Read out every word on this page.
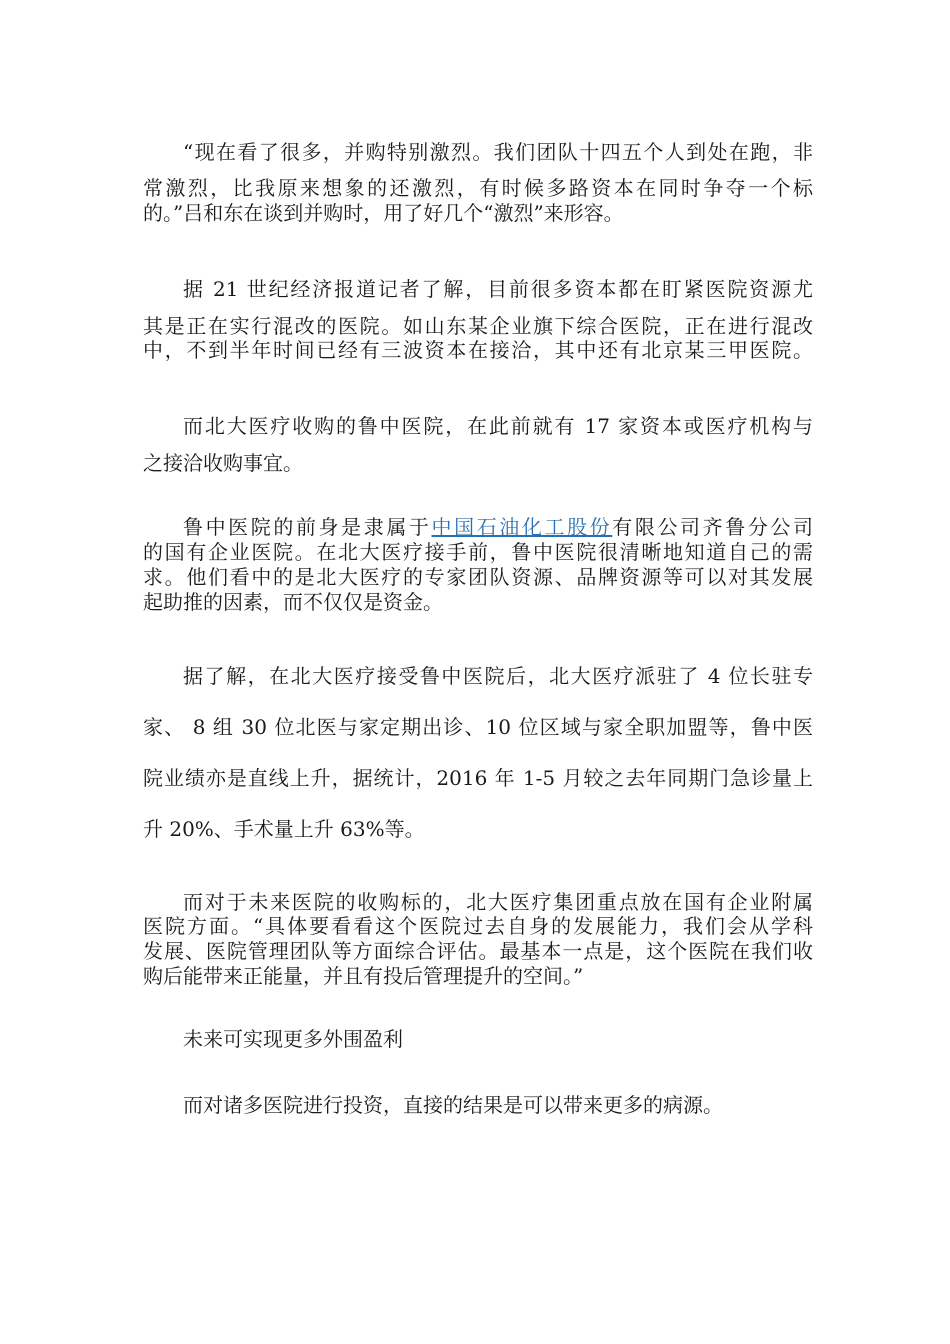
“现在看了很多，并购特别激烈。我们团队十四五个人到处在跑，非
常激烈，比我原来想象的还激烈，有时候多路资本在同时争夺一个标
的。”吕和东在谈到并购时，用了好几个“激烈”来形容。
据 21 世纪经济报道记者了解，目前很多资本都在盯紧医院资源尤
其是正在实行混改的医院。如山东某企业旗下综合医院，正在进行混改
中，不到半年时间已经有三波资本在接洽，其中还有北京某三甲医院。
而北大医疗收购的鲁中医院，在此前就有 17 家资本或医疗机构与
之接洽收购事宜。
鲁中医院的前身是隶属于中国石油化工股份有限公司齐鲁分公司
的国有企业医院。在北大医疗接手前，鲁中医院很清晰地知道自己的需
求。他们看中的是北大医疗的专家团队资源、品牌资源等可以对其发展
起助推的因素，而不仅仅是资金。
据了解，在北大医疗接受鲁中医院后，北大医疗派驻了 4 位长驻专
家、 8 组 30 位北医与家定期出诊、10 位区域与家全职加盟等，鲁中医
院业绩亦是直线上升，据统计，2016 年 1-5 月较之去年同期门急诊量上
升 20%、手术量上升 63%等。
而对于未来医院的收购标的，北大医疗集团重点放在国有企业附属
医院方面。“具体要看看这个医院过去自身的发展能力，我们会从学科
发展、医院管理团队等方面综合评估。最基本一点是，这个医院在我们收
购后能带来正能量，并且有投后管理提升的空间。”
未来可实现更多外围盈利
而对诸多医院进行投资，直接的结果是可以带来更多的病源。
